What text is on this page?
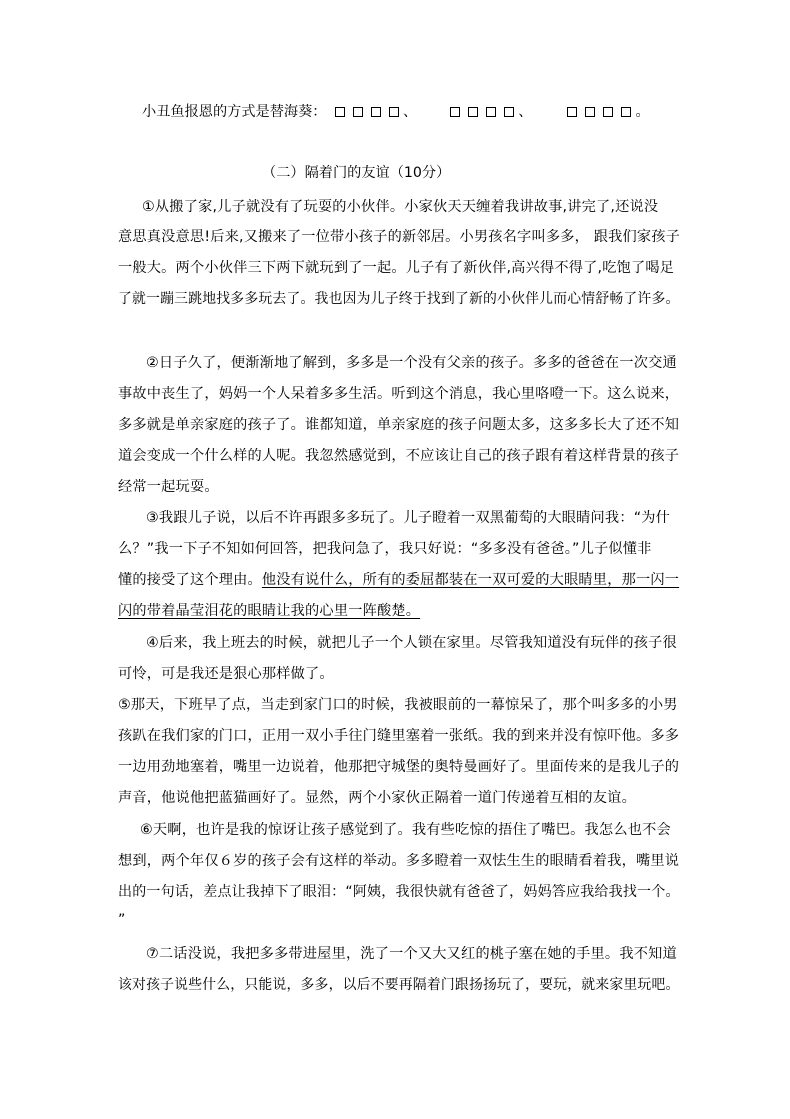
小丑鱼报恩的方式是替海葵：	、	、	。
（二）隔着门的友谊（10分）
①从搬了家,儿子就没有了玩耍的小伙伴。小家伙天天缠着我讲故事,讲完了,还说没
意思真没意思!后来,又搬来了一位带小孩子的新邻居。小男孩名字叫多多， 跟我们家孩子
一般大。两个小伙伴三下两下就玩到了一起。儿子有了新伙伴,高兴得不得了,吃饱了喝足
了就一蹦三跳地找多多玩去了。我也因为儿子终于找到了新的小伙伴儿而心情舒畅了许多。
②日子久了，便渐渐地了解到，多多是一个没有父亲的孩子。多多的爸爸在一次交通
事故中丧生了，妈妈一个人呆着多多生活。听到这个消息，我心里咯噔一下。这么说来，
多多就是单亲家庭的孩子了。谁都知道，单亲家庭的孩子问题太多，这多多长大了还不知
道会变成一个什么样的人呢。我忽然感觉到，不应该让自己的孩子跟有着这样背景的孩子
经常一起玩耍。
③我跟儿子说，以后不许再跟多多玩了。儿子瞪着一双黑葡萄的大眼睛问我：“为什
么？”我一下子不知如何回答，把我问急了，我只好说：“多多没有爸爸。”儿子似懂非
懂的接受了这个理由。他没有说什么，所有的委屈都装在一双可爱的大眼睛里，那一闪一
闪的带着晶莹泪花的眼睛让我的心里一阵酸楚。
④后来，我上班去的时候，就把儿子一个人锁在家里。尽管我知道没有玩伴的孩子很
可怜，可是我还是狠心那样做了。
⑤那天，下班早了点，当走到家门口的时候，我被眼前的一幕惊呆了，那个叫多多的小男
孩趴在我们家的门口，正用一双小手往门缝里塞着一张纸。我的到来并没有惊吓他。多多
一边用劲地塞着，嘴里一边说着，他那把守城堡的奥特曼画好了。里面传来的是我儿子的
声音，他说他把蓝猫画好了。显然，两个小家伙正隔着一道门传递着互相的友谊。
⑥天啊，也许是我的惊讶让孩子感觉到了。我有些吃惊的捂住了嘴巴。我怎么也不会
想到，两个年仅６岁的孩子会有这样的举动。多多瞪着一双怯生生的眼睛看着我，嘴里说
出的一句话，差点让我掉下了眼泪：“阿姨，我很快就有爸爸了，妈妈答应我给我找一个。
”
⑦二话没说，我把多多带进屋里，洗了一个又大又红的桃子塞在她的手里。我不知道
该对孩子说些什么，只能说，多多，以后不要再隔着门跟扬扬玩了，要玩，就来家里玩吧。
